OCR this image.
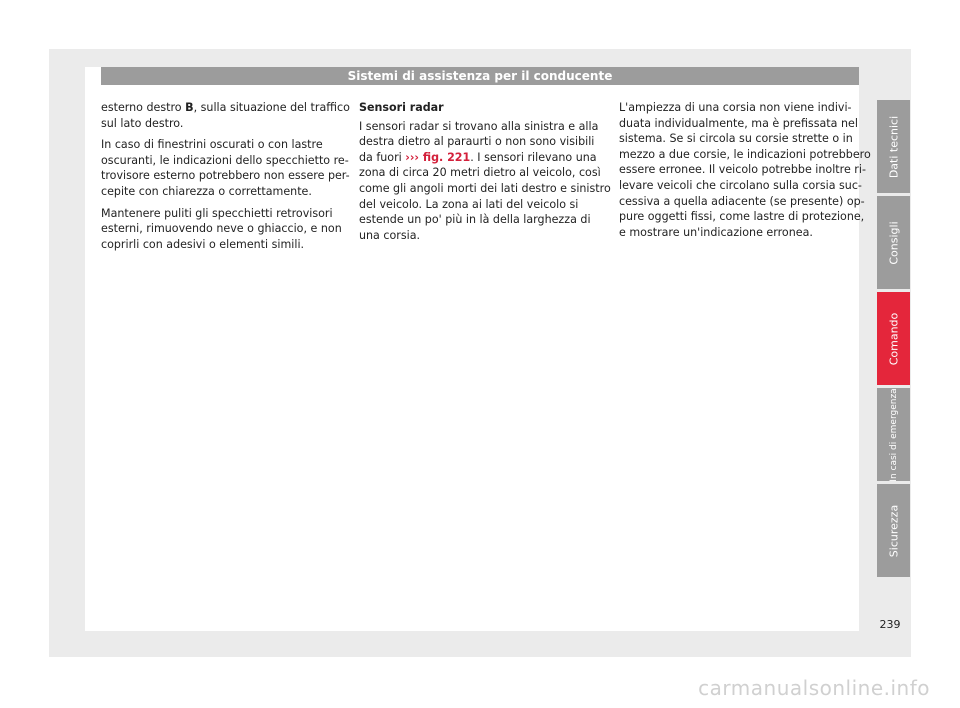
Sistemi di assistenza per il conducente

esterno destro B, sulla situazione del traffico sul lato destro.

In caso di finestrini oscurati o con lastre oscuranti, le indicazioni dello specchietto re-trovisore esterno potrebbero non essere per-cepite con chiarezza o correttamente.

Mantenere puliti gli specchietti retrovisori esterni, rimuovendo neve o ghiaccio, e non coprirli con adesivi o elementi simili.

Sensori radar

I sensori radar si trovano alla sinistra e alla destra dietro al paraurti o non sono visibili da fuori ››› fig. 221. I sensori rilevano una zona di circa 20 metri dietro al veicolo, così come gli angoli morti dei lati destro e sinistro del veicolo. La zona ai lati del veicolo si estende un po' più in là della larghezza di una corsia.

L'ampiezza di una corsia non viene indivi-duata individualmente, ma è prefissata nel sistema. Se si circola su corsie strette o in mezzo a due corsie, le indicazioni potrebbero essere erronee. Il veicolo potrebbe inoltre ri-levare veicoli che circolano sulla corsia suc-cessiva a quella adiacente (se presente) op-pure oggetti fissi, come lastre di protezione, e mostrare un'indicazione erronea.

Dati tecnici
Consigli
Comando
In casi di emergenza
Sicurezza
239
carmanualsonline.info
